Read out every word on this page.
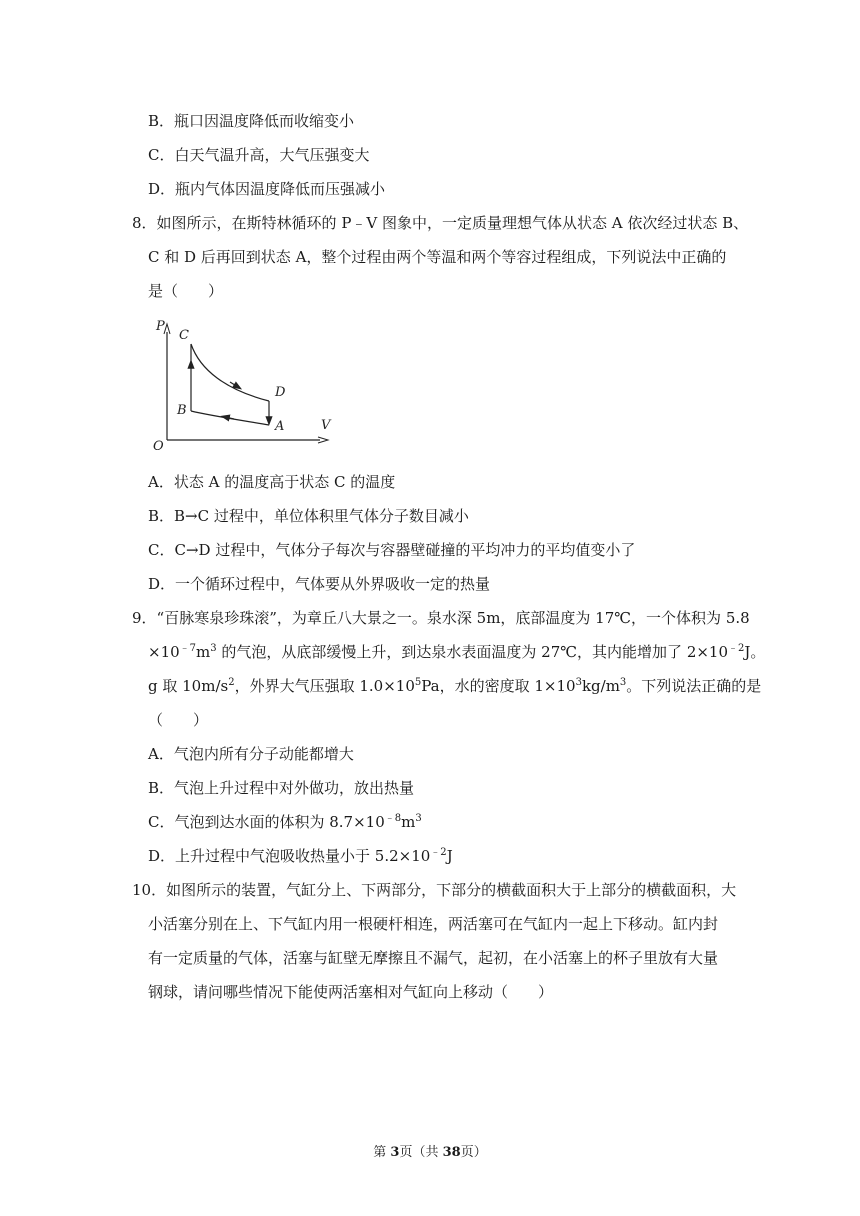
B．瓶口因温度降低而收缩变小
C．白天气温升高，大气压强变大
D．瓶内气体因温度降低而压强减小
8．如图所示，在斯特林循环的 P﹣V 图象中，一定质量理想气体从状态 A 依次经过状态 B、
C 和 D 后再回到状态 A，整个过程由两个等温和两个等容过程组成，下列说法中正确的
是（　　）
P
V
O
C
D
B
A
A．状态 A 的温度高于状态 C 的温度
B．B→C 过程中，单位体积里气体分子数目减小
C．C→D 过程中，气体分子每次与容器壁碰撞的平均冲力的平均值变小了
D．一个循环过程中，气体要从外界吸收一定的热量
9．“百脉寒泉珍珠滚”，为章丘八大景之一。泉水深 5m，底部温度为 17℃，一个体积为 5.8
$\times 10^{﹣7}m^3$ 的气泡，从底部缓慢上升，到达泉水表面温度为 27℃，其内能增加了 $2\times 10^{﹣2}J$。
g 取 $10m/s^2$，外界大气压强取 $1.0\times 10^5Pa$，水的密度取 $1\times 10^3kg/m^3$。下列说法正确的是
（　　）
A．气泡内所有分子动能都增大
B．气泡上升过程中对外做功，放出热量
C．气泡到达水面的体积为 $8.7\times 10^{﹣8}m^3$
D．上升过程中气泡吸收热量小于 $5.2\times 10^{﹣2}J$
10．如图所示的装置，气缸分上、下两部分，下部分的横截面积大于上部分的横截面积，大
小活塞分别在上、下气缸内用一根硬杆相连，两活塞可在气缸内一起上下移动。缸内封
有一定质量的气体，活塞与缸壁无摩擦且不漏气，起初，在小活塞上的杯子里放有大量
钢球，请问哪些情况下能使两活塞相对气缸向上移动（　　）
第 3页（共 38页）
